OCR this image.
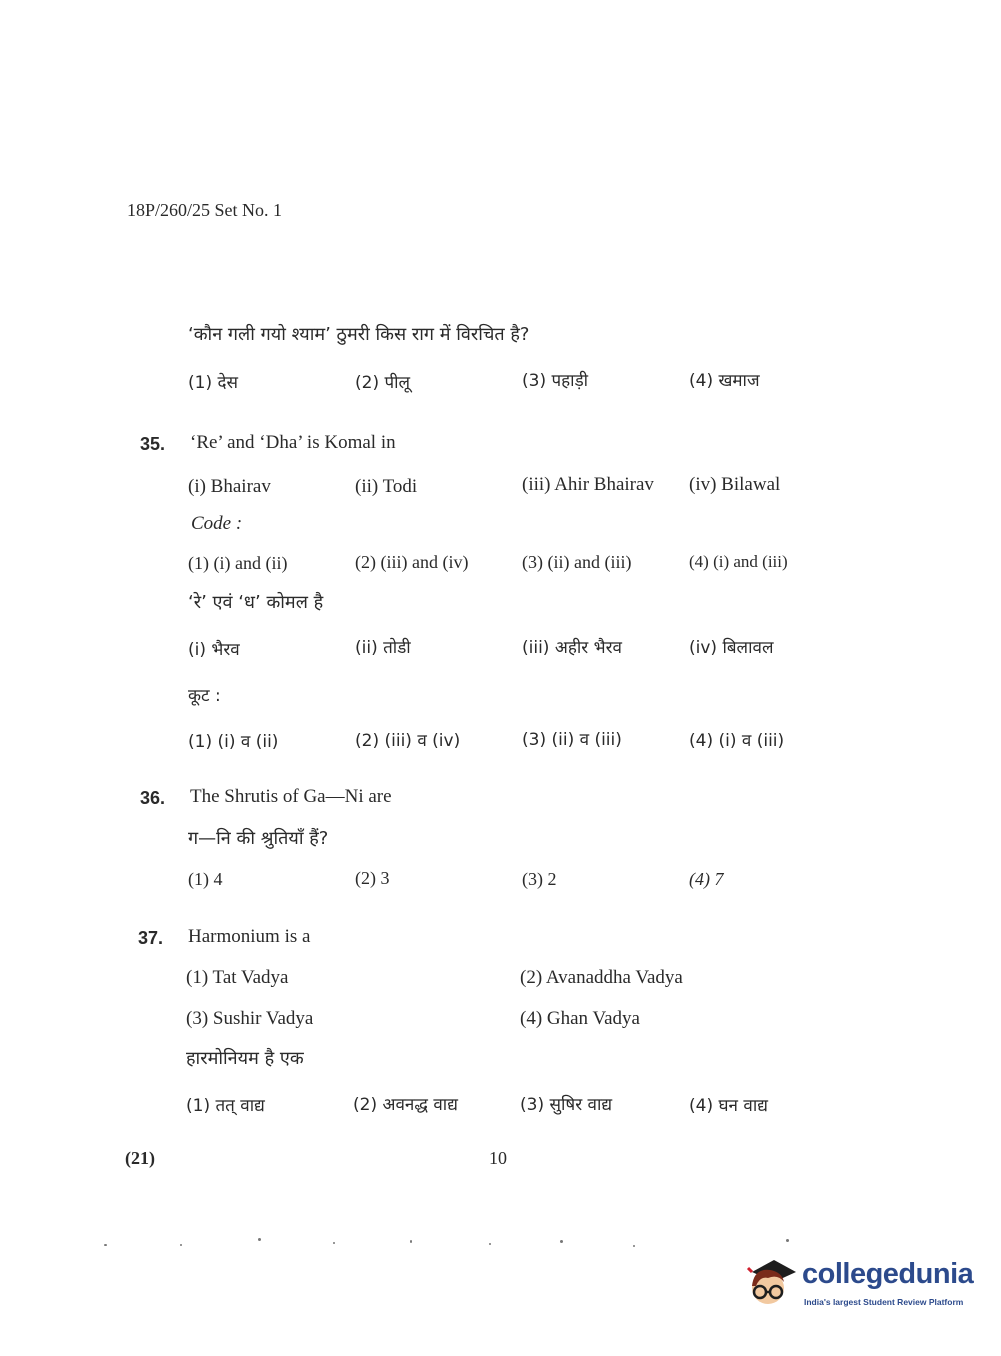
18P/260/25 Set No. 1
‘कौन गली गयो श्याम’ ठुमरी किस राग में विरचित है?
(1) देस	(2) पीलू	(3) पहाड़ी	(4) खमाज
35. ‘Re’ and ‘Dha’ is Komal in
(i) Bhairav	(ii) Todi	(iii) Ahir Bhairav (iv) Bilawal
Code :
(1) (i) and (ii)	(2) (iii) and (iv)	(3) (ii) and (iii)	(4) (i) and (iii)
‘रे’ एवं ‘ध’ कोमल है
(i) भैरव	(ii) तोडी	(iii) अहीर भैरव	(iv) बिलावल
कूट :
(1) (i) व (ii)	(2) (iii) व (iv)	(3) (ii) व (iii)	(4) (i) व (iii)
36. The Shrutis of Ga—Ni are
ग—नि की श्रुतियाँ हैं?
(1) 4	(2) 3	(3) 2	(4) 7
37. Harmonium is a
(1) Tat Vadya	(2) Avanaddha Vadya
(3) Sushir Vadya	(4) Ghan Vadya
हारमोनियम है एक
(1) तत् वाद्य	(2) अवनद्ध वाद्य	(3) सुषिर वाद्य	(4) घन वाद्य
(21)	10
collegedunia
India's largest Student Review Platform
